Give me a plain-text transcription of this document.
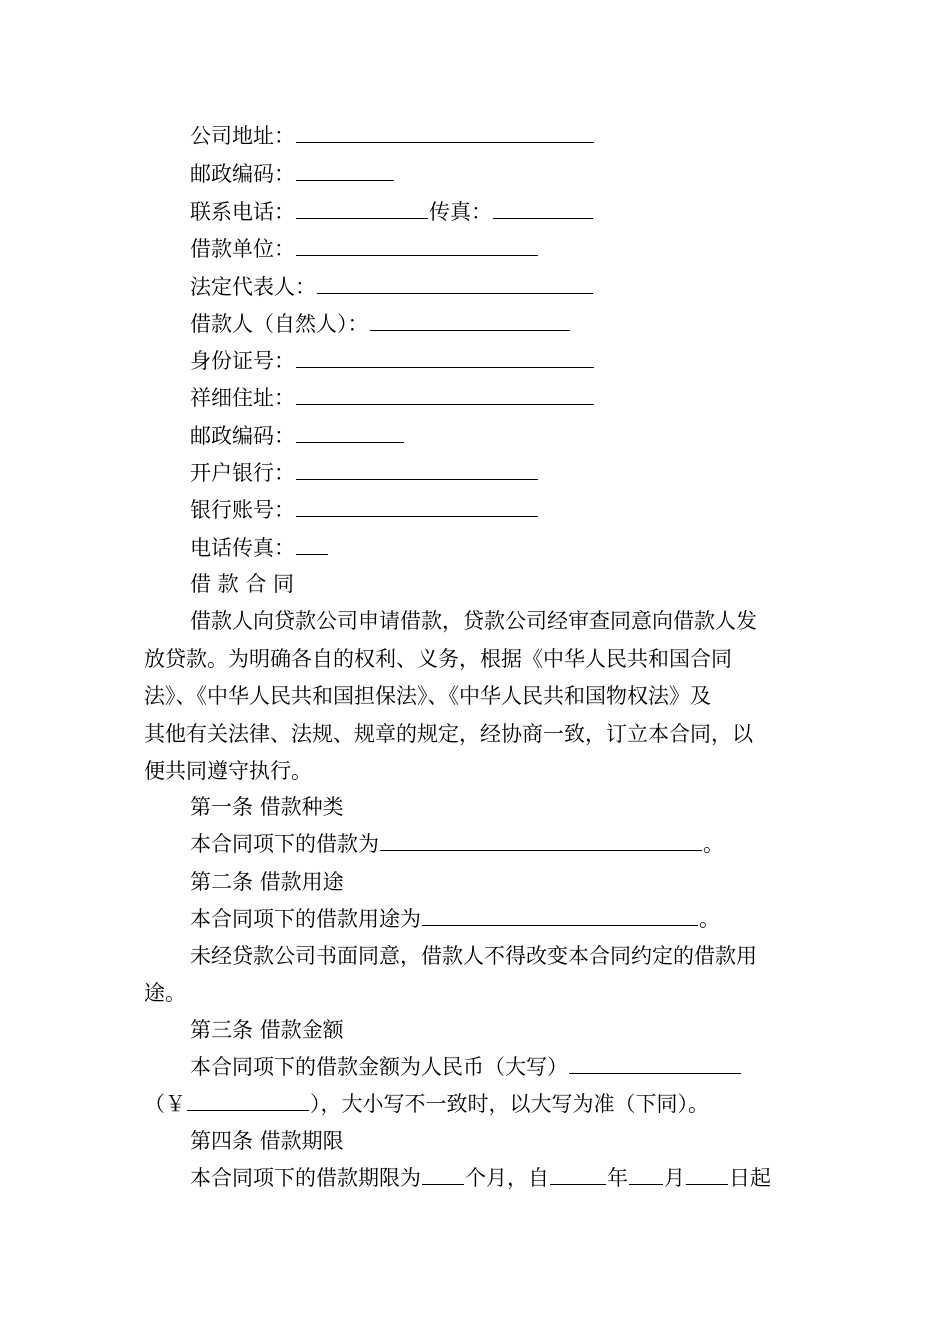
公司地址：
邮政编码：
联系电话：	传真：
借款单位：
法定代表人：
借款人（自然人）：
身份证号：
祥细住址：
邮政编码：
开户银行：
银行账号：
电话传真：
借 款 合 同
借款人向贷款公司申请借款，贷款公司经审查同意向借款人发
放贷款。为明确各自的权利、义务，根据《中华人民共和国合同
法》、《中华人民共和国担保法》、《中华人民共和国物权法》及
其他有关法律、法规、规章的规定，经协商一致，订立本合同，以
便共同遵守执行。
第一条 借款种类
本合同项下的借款为	。
第二条 借款用途
本合同项下的借款用途为	。
未经贷款公司书面同意，借款人不得改变本合同约定的借款用
途。
第三条 借款金额
本合同项下的借款金额为人民币（大写）
（￥	），大小写不一致时，以大写为准（下同）。
第四条 借款期限
本合同项下的借款期限为 个月，自	年 月 日起
